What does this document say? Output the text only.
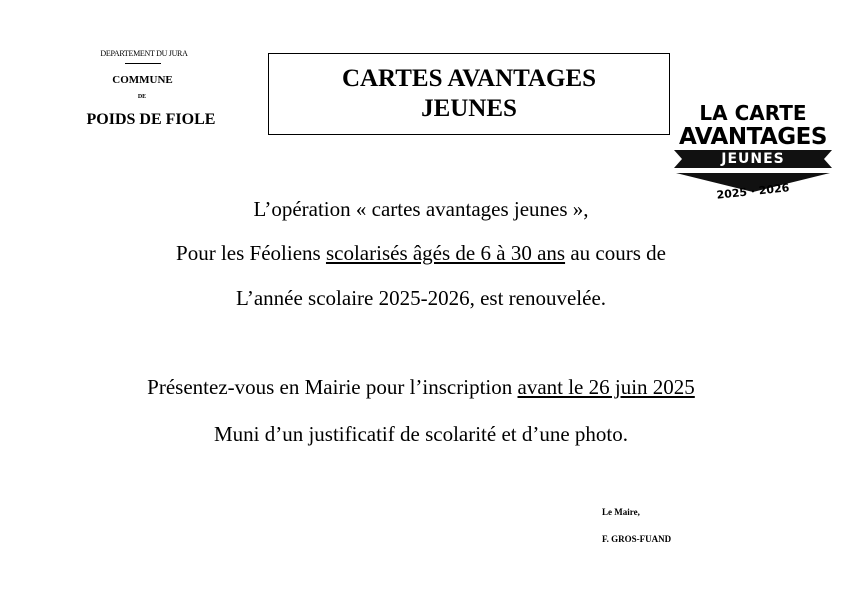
DEPARTEMENT DU JURA
COMMUNE
DE
POIDS DE FIOLE
CARTES AVANTAGES
JEUNES	LA CARTE
AVANTAGES
JEUNES
2025 · 2026
L’opération « cartes avantages jeunes »,
Pour les Féoliens scolarisés âgés de 6 à 30 ans au cours de
L’année scolaire 2025-2026, est renouvelée.
Présentez-vous en Mairie pour l’inscription avant le 26 juin 2025
Muni d’un justificatif de scolarité et d’une photo.
Le Maire,
F. GROS-FUAND
